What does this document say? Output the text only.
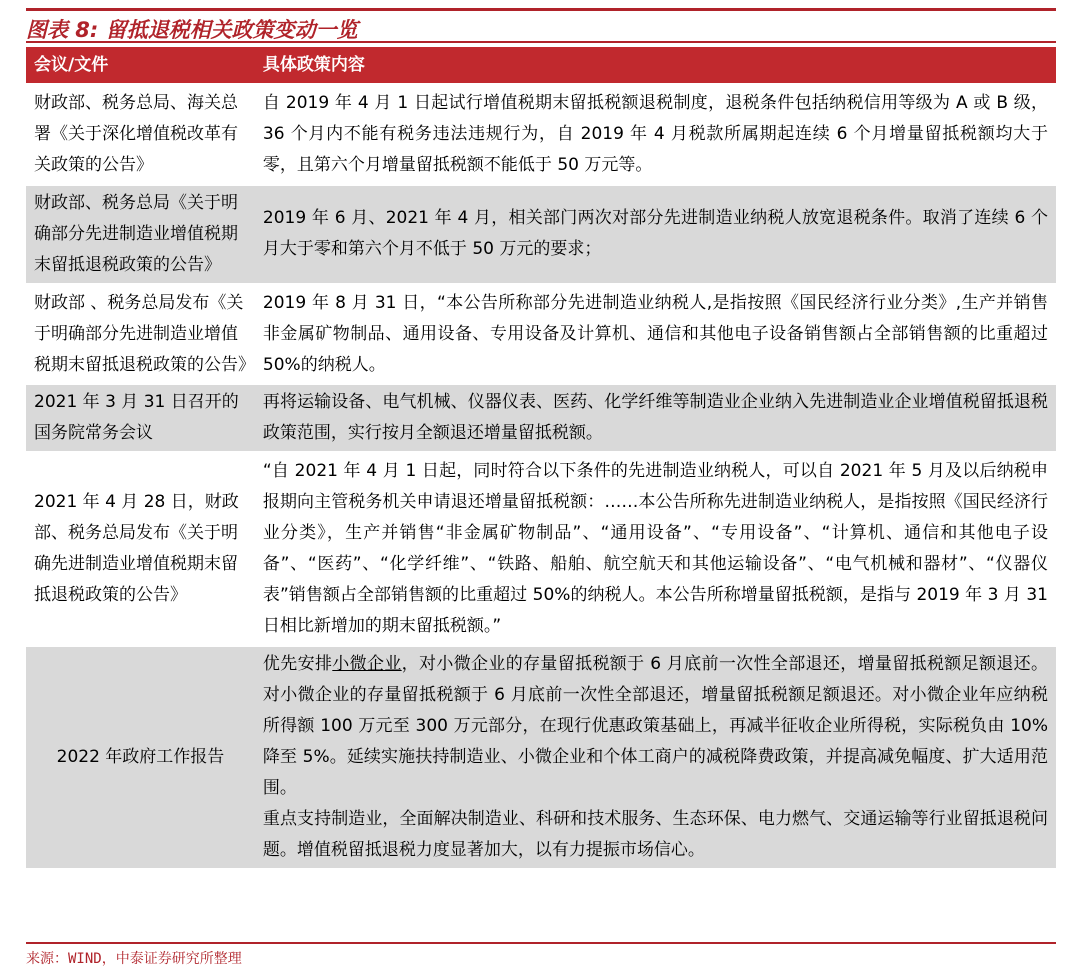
图表 8: 留抵退税相关政策变动一览
会议/文件	具体政策内容
财政部、税务总局、海关总署《关于深化增值税改革有关政策的公告》	自 2019 年 4 月 1 日起试行增值税期末留抵税额退税制度，退税条件包括纳税信用等级为 A 或 B 级，36 个月内不能有税务违法违规行为，自 2019 年 4 月税款所属期起连续 6 个月增量留抵税额均大于零，且第六个月增量留抵税额不能低于 50 万元等。
财政部、税务总局《关于明确部分先进制造业增值税期末留抵退税政策的公告》	2019 年 6 月、2021 年 4 月，相关部门两次对部分先进制造业纳税人放宽退税条件。取消了连续 6 个月大于零和第六个月不低于 50 万元的要求；
财政部 、税务总局发布《关于明确部分先进制造业增值税期末留抵退税政策的公告》	2019 年 8 月 31 日，“本公告所称部分先进制造业纳税人,是指按照《国民经济行业分类》,生产并销售非金属矿物制品、通用设备、专用设备及计算机、通信和其他电子设备销售额占全部销售额的比重超过 50%的纳税人。
2021 年 3 月 31 日召开的国务院常务会议	再将运输设备、电气机械、仪器仪表、医药、化学纤维等制造业企业纳入先进制造业企业增值税留抵退税政策范围，实行按月全额退还增量留抵税额。
2021 年 4 月 28 日，财政部、税务总局发布《关于明确先进制造业增值税期末留抵退税政策的公告》	“自 2021 年 4 月 1 日起，同时符合以下条件的先进制造业纳税人，可以自 2021 年 5 月及以后纳税申报期向主管税务机关申请退还增量留抵税额：……本公告所称先进制造业纳税人，是指按照《国民经济行业分类》，生产并销售“非金属矿物制品”、“通用设备”、“专用设备”、“计算机、通信和其他电子设备”、“医药”、“化学纤维”、“铁路、船舶、航空航天和其他运输设备”、“电气机械和器材”、“仪器仪表”销售额占全部销售额的比重超过 50%的纳税人。本公告所称增量留抵税额，是指与 2019 年 3 月 31 日相比新增加的期末留抵税额。”
2022 年政府工作报告	优先安排小微企业，对小微企业的存量留抵税额于 6 月底前一次性全部退还，增量留抵税额足额退还。对小微企业的存量留抵税额于 6 月底前一次性全部退还，增量留抵税额足额退还。对小微企业年应纳税所得额 100 万元至 300 万元部分，在现行优惠政策基础上，再减半征收企业所得税，实际税负由 10%降至 5%。延续实施扶持制造业、小微企业和个体工商户的减税降费政策，并提高减免幅度、扩大适用范围。
重点支持制造业，全面解决制造业、科研和技术服务、生态环保、电力燃气、交通运输等行业留抵退税问题。增值税留抵退税力度显著加大，以有力提振市场信心。
来源：WIND，中泰证券研究所整理
